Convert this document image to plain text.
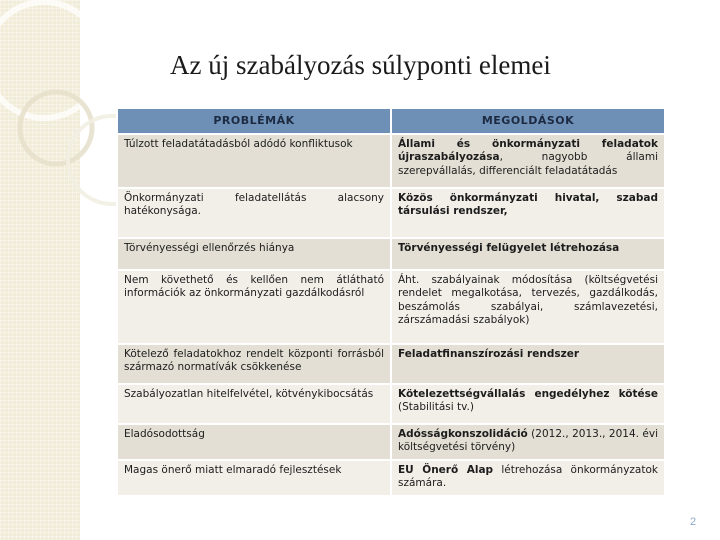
Az új szabályozás súlyponti elemei
PROBLÉMÁK	MEGOLDÁSOK
Túlzott feladatátadásból adódó konfliktusok	Állami és önkormányzati feladatok újraszabályozása, nagyobb állami szerepvállalás, differenciált feladatátadás
Önkormányzati feladatellátás alacsony hatékonysága.	Közös önkormányzati hivatal, szabad társulási rendszer,
Törvényességi ellenőrzés hiánya	Törvényességi felügyelet létrehozása
Nem követhető és kellően nem átlátható információk az önkormányzati gazdálkodásról	Áht. szabályainak módosítása (költségvetési rendelet megalkotása, tervezés, gazdálkodás, beszámolás szabályai, számlavezetési, zárszámadási szabályok)
Kötelező feladatokhoz rendelt központi forrásból származó normatívák csökkenése	Feladatfinanszírozási rendszer
Szabályozatlan hitelfelvétel, kötvénykibocsátás	Kötelezettségvállalás engedélyhez kötése (Stabilitási tv.)
Eladósodottság	Adósságkonszolidáció (2012., 2013., 2014. évi költségvetési törvény)
Magas önerő miatt elmaradó fejlesztések	EU Önerő Alap létrehozása önkormányzatok számára.
2
